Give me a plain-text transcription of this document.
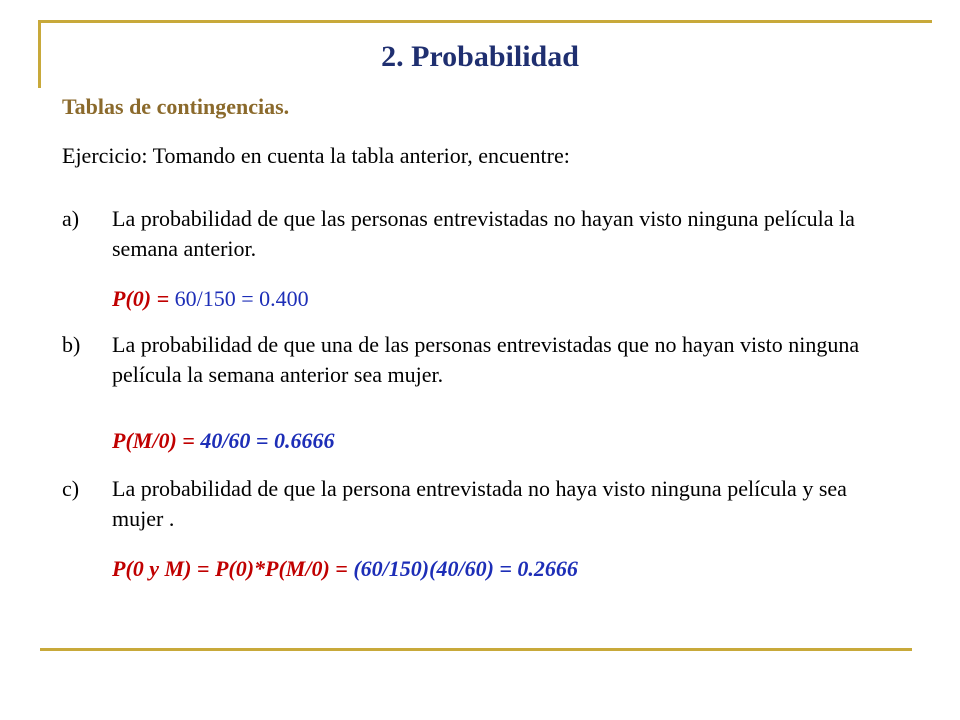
2. Probabilidad
Tablas de contingencias.
Ejercicio: Tomando en cuenta la tabla anterior, encuentre:
a) La probabilidad de que las personas entrevistadas no hayan visto ninguna película la semana anterior.
P(0) = 60/150 = 0.400
b) La probabilidad de que una de las personas entrevistadas que no hayan visto ninguna película la semana anterior sea mujer.
P(M/0) = 40/60 = 0.6666
c) La probabilidad de que la persona entrevistada no haya visto ninguna película y sea mujer .
P(0 y M) = P(0)*P(M/0) = (60/150)(40/60) = 0.2666
